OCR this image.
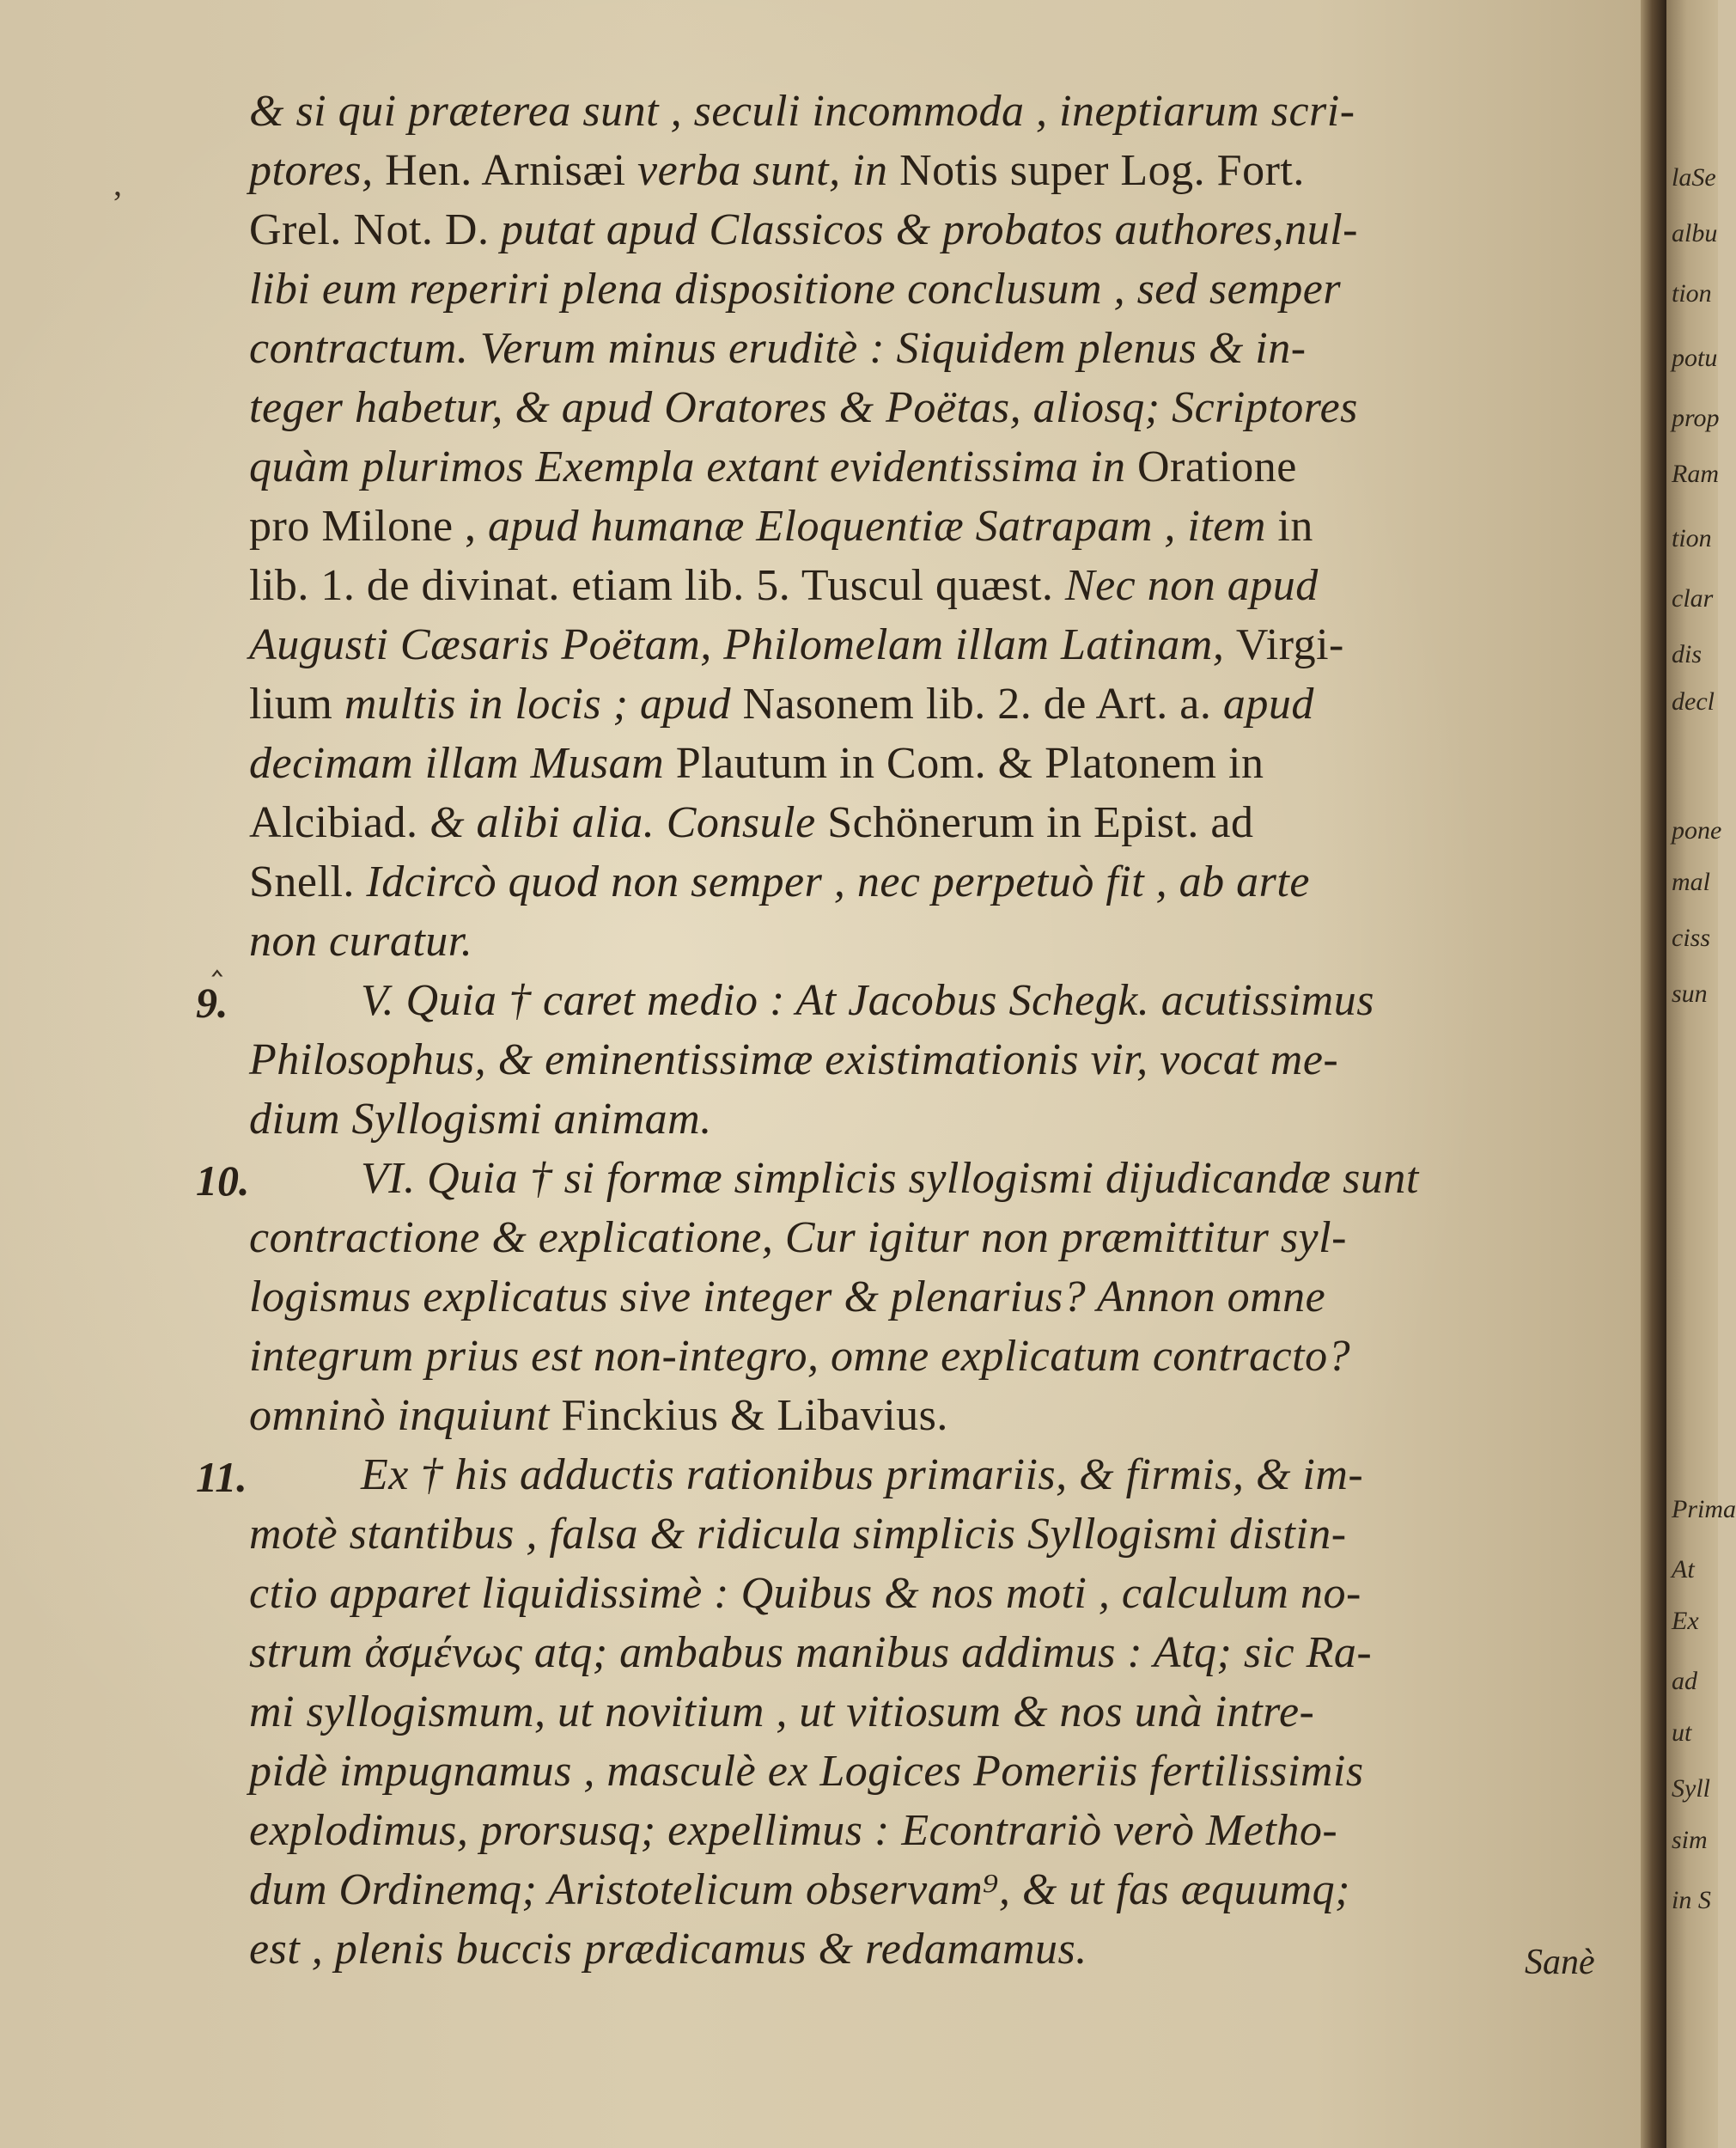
& si qui præterea sunt , seculi incommoda , ineptiarum scri-
ptores, Hen. Arnisæi verba sunt, in Notis super Log. Fort.
Grel. Not. D. putat apud Classicos & probatos authores,nul-
libi eum reperiri plena dispositione conclusum , sed semper
contractum. Verum minus eruditè : Siquidem plenus & in-
teger habetur, & apud Oratores & Poëtas, aliosq; Scriptores
quàm plurimos Exempla extant evidentissima in Oratione
pro Milone , apud humanæ Eloquentiæ Satrapam , item in
lib. 1. de divinat. etiam lib. 5. Tuscul quæst. Nec non apud
Augusti Cæsaris Poëtam, Philomelam illam Latinam, Virgi-
lium multis in locis ; apud Nasonem lib. 2. de Art. a. apud
decimam illam Musam Plautum in Com. & Platonem in
Alcibiad. & alibi alia. Consule Schönerum in Epist. ad
Snell. Idcircò quod non semper , nec perpetuò fit , ab arte
non curatur.
V. Quia † caret medio : At Jacobus Schegk. acutissimus
Philosophus, & eminentissimæ existimationis vir, vocat me-
dium Syllogismi animam.
VI. Quia † si formæ simplicis syllogismi dijudicandæ sunt
contractione & explicatione, Cur igitur non præmittitur syl-
logismus explicatus sive integer & plenarius? Annon omne
integrum prius est non-integro, omne explicatum contracto?
omninò inquiunt Finckius & Libavius.
Ex † his adductis rationibus primariis, & firmis, & im-
motè stantibus , falsa & ridicula simplicis Syllogismi distin-
ctio apparet liquidissimè : Quibus & nos moti , calculum no-
strum ἀσμένως atq; ambabus manibus addimus : Atq; sic Ra-
mi syllogismum, ut novitium , ut vitiosum & nos unà intre-
pidè impugnamus , masculè ex Logices Pomeriis fertilissimis
explodimus, prorsusq; expellimus : Econtrariò verò Metho-
dum Ordinemq; Aristotelicum observam⁹, & ut fas æquumq;
est , plenis buccis prædicamus & redamamus.	Sanè
,
‸
9.
10.
11.
laSe
albu
tion
potu
prop
Ram
tion
clar
dis
decl
pone
mal
ciss
sun
Prima
At
Ex
ad
ut
Syll
sim
in S
